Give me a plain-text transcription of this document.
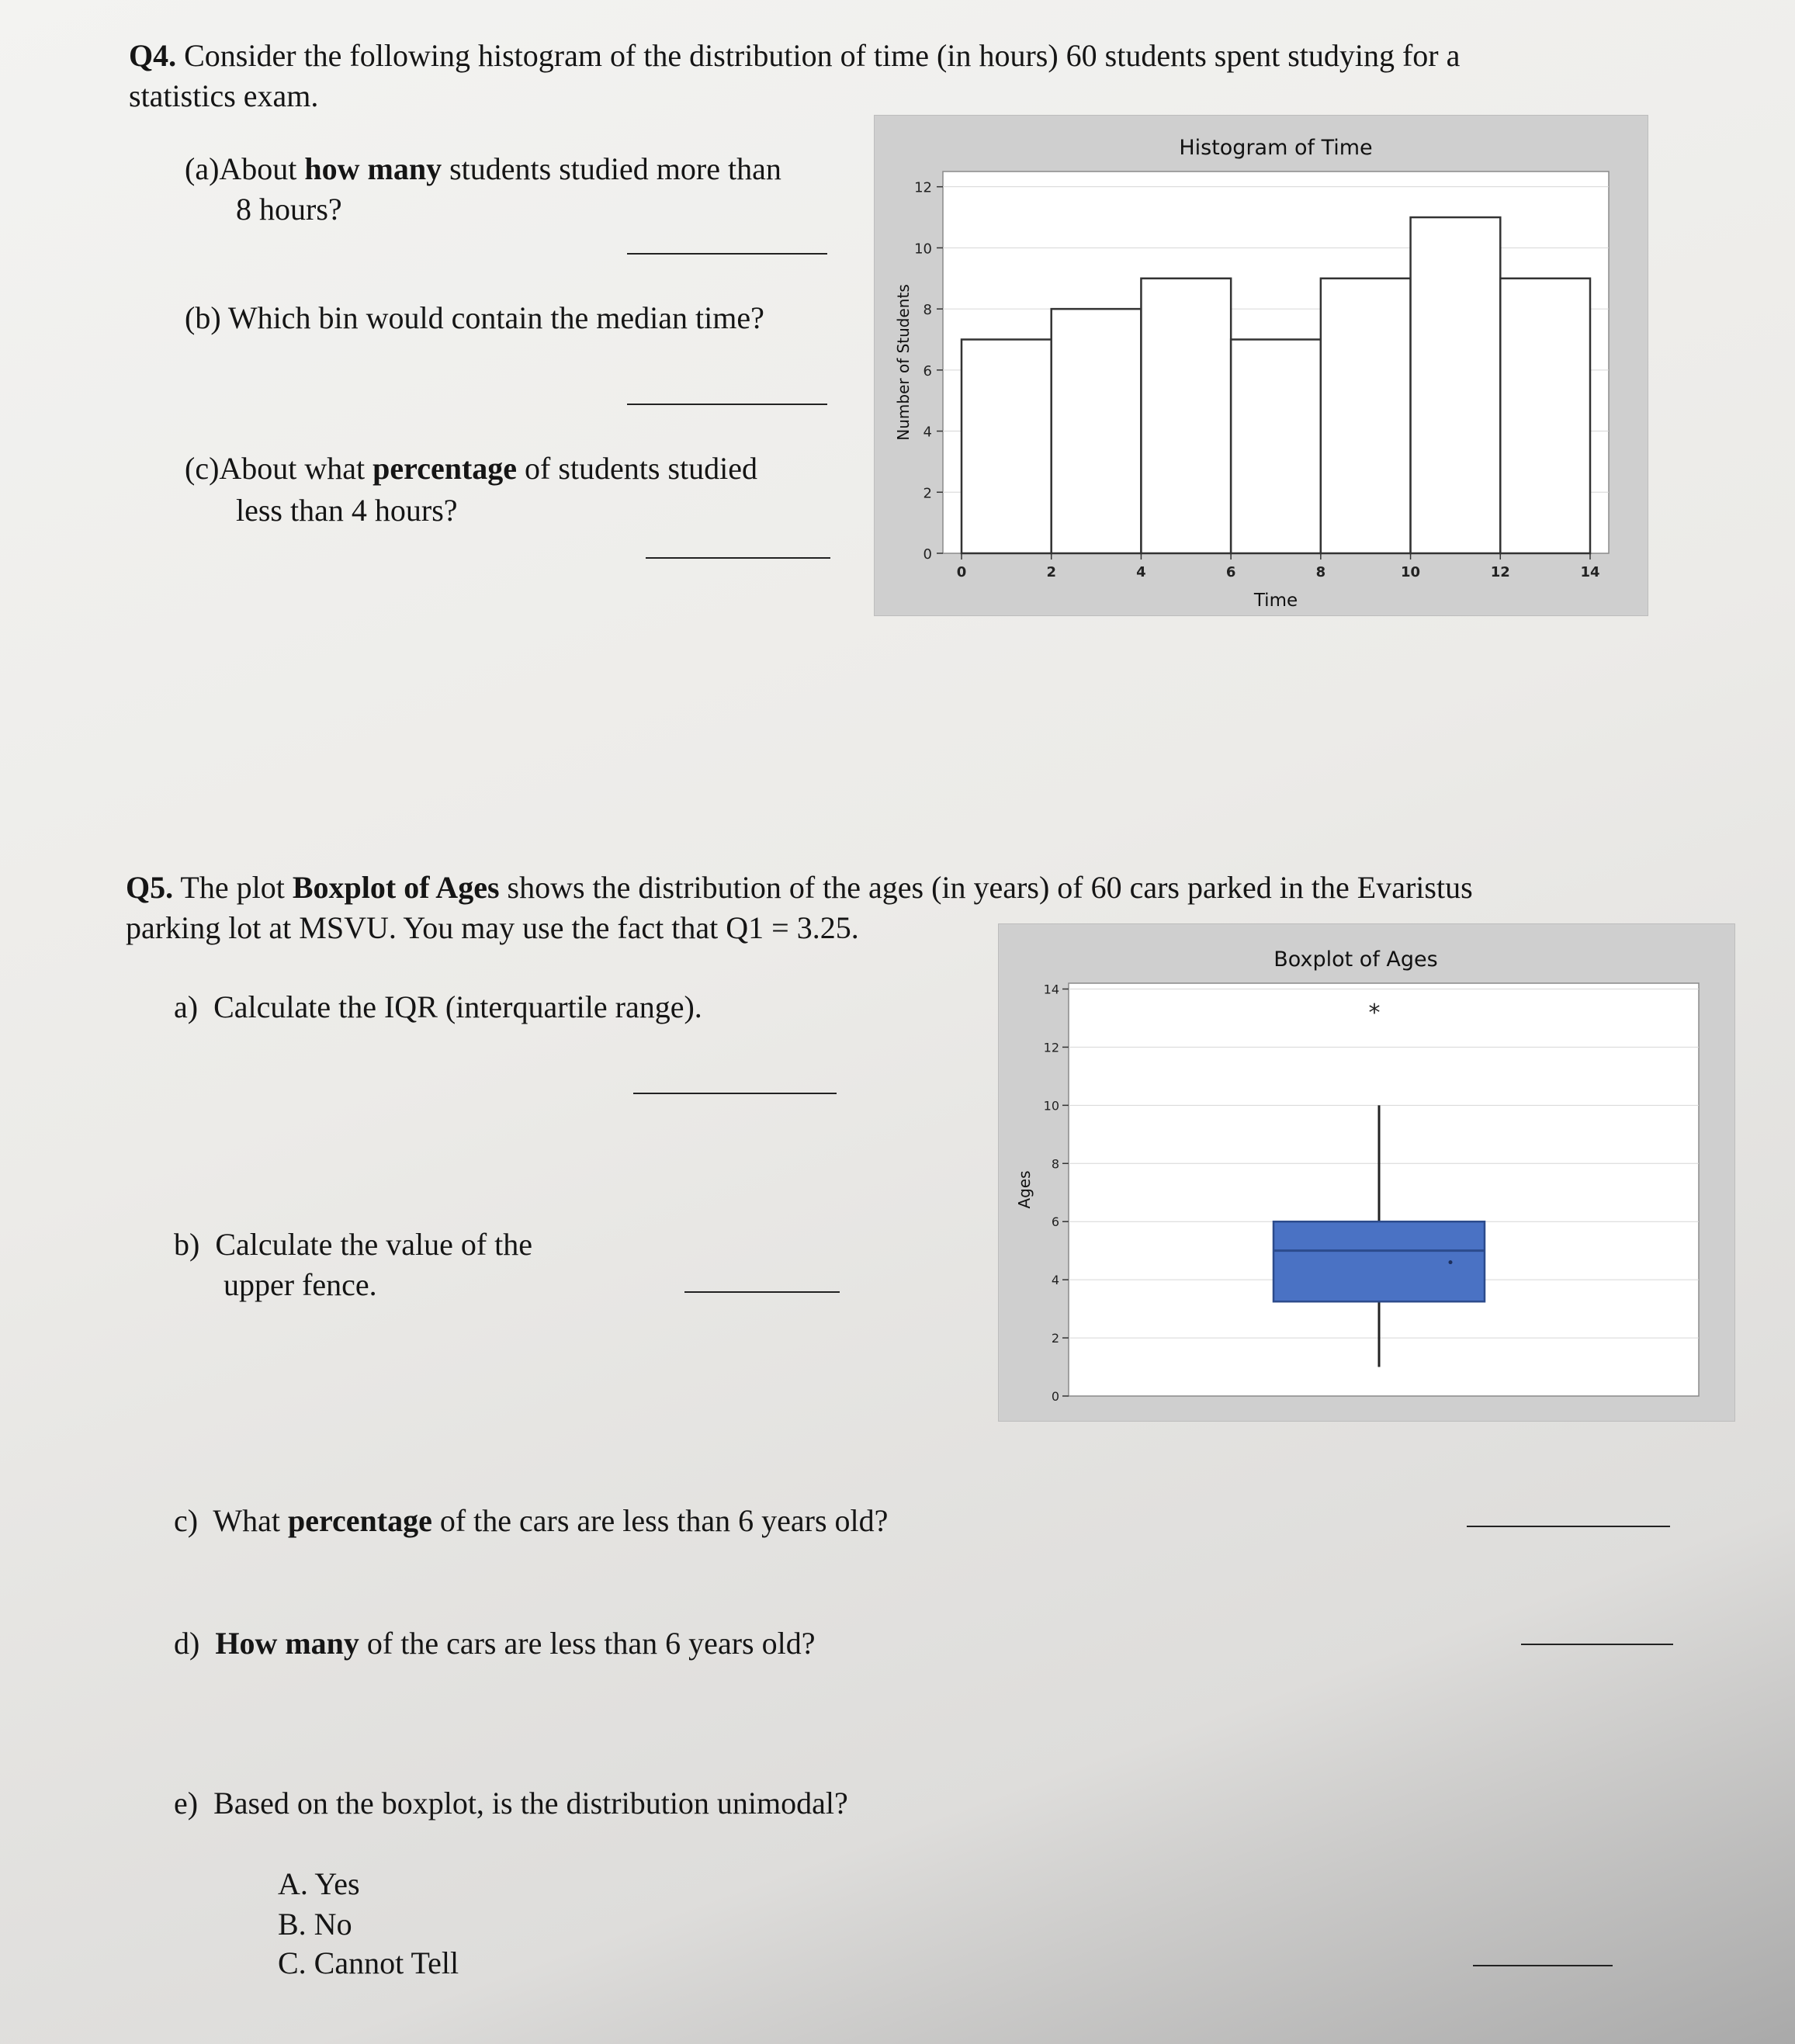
Q4. Consider the following histogram of the distribution of time (in hours) 60 students spent studying for a
statistics exam.
(a)About how many students studied more than
8 hours?
(b) Which bin would contain the median time?
(c)About what percentage of students studied
less than 4 hours?
0
2
4
6
8
10
12
0	2	4	6	8	10	12	14
Histogram of Time
Time
Number of Students
Q5. The plot Boxplot of Ages shows the distribution of the ages (in years) of 60 cars parked in the Evaristus
parking lot at MSVU. You may use the fact that Q1 = 3.25.
a) Calculate the IQR (interquartile range).
b) Calculate the value of the
upper fence.
*
0
2
4
6
8
10
12
14
Boxplot of Ages
Ages
c) What percentage of the cars are less than 6 years old?
d) How many of the cars are less than 6 years old?
e) Based on the boxplot, is the distribution unimodal?
A. Yes
B. No
C. Cannot Tell
